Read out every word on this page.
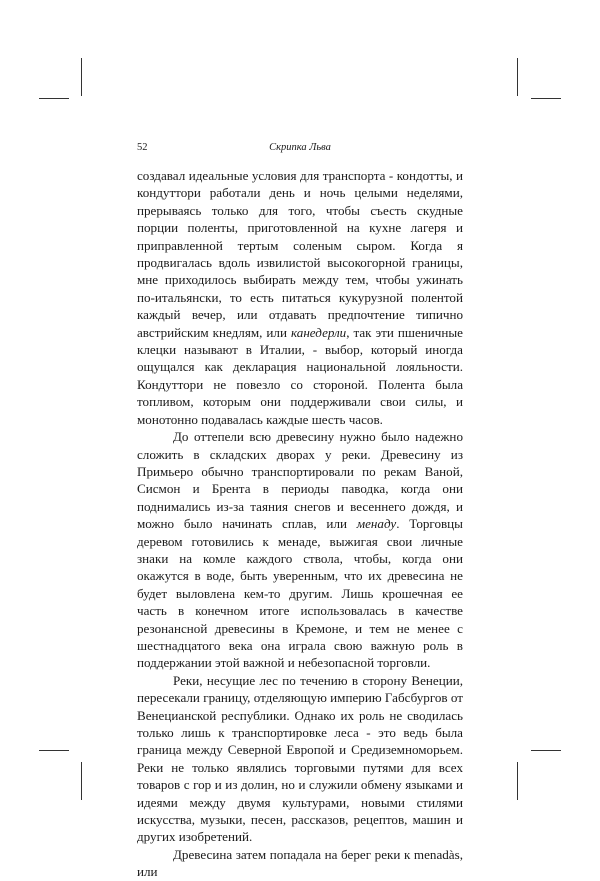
52	Скрипка Льва

создавал идеальные условия для транспорта - кондотты, и кондуттори работали день и ночь целыми неделями, прерываясь только для того, чтобы съесть скудные порции поленты, приготовленной на кухне лагеря и приправленной тертым соленым сыром. Когда я продвигалась вдоль извилистой высокогорной границы, мне приходилось выбирать между тем, чтобы ужинать по-итальянски, то есть питаться кукурузной полентой каждый вечер, или отдавать предпочтение типично австрийским кнедлям, или канедерли, так эти пшеничные клецки называют в Италии, - выбор, который иногда ощущался как декларация национальной лояльности. Кондуттори не повезло со стороной. Полента была топливом, которым они поддерживали свои силы, и монотонно подавалась каждые шесть часов.

До оттепели всю древесину нужно было надежно сложить в складских дворах у реки. Древесину из Примьеро обычно транспортировали по рекам Ваной, Сисмон и Брента в периоды паводка, когда они поднимались из-за таяния снегов и весеннего дождя, и можно было начинать сплав, или менаду. Торговцы деревом готовились к менаде, выжигая свои личные знаки на комле каждого ствола, чтобы, когда они окажутся в воде, быть уверенным, что их древесина не будет выловлена кем-то другим. Лишь крошечная ее часть в конечном итоге использовалась в качестве резонансной древесины в Кремоне, и тем не менее с шестнадцатого века она играла свою важную роль в поддержании этой важной и небезопасной торговли.

Реки, несущие лес по течению в сторону Венеции, пересекали границу, отделяющую империю Габсбургов от Венецианской республики. Однако их роль не сводилась только лишь к транспортировке леса - это ведь была граница между Северной Европой и Средиземноморьем. Реки не только являлись торговыми путями для всех товаров с гор и из долин, но и служили обмену языками и идеями между двумя культурами, новыми стилями искусства, музыки, песен, рассказов, рецептов, машин и других изобретений.

Древесина затем попадала на берег реки к menadàs, или
